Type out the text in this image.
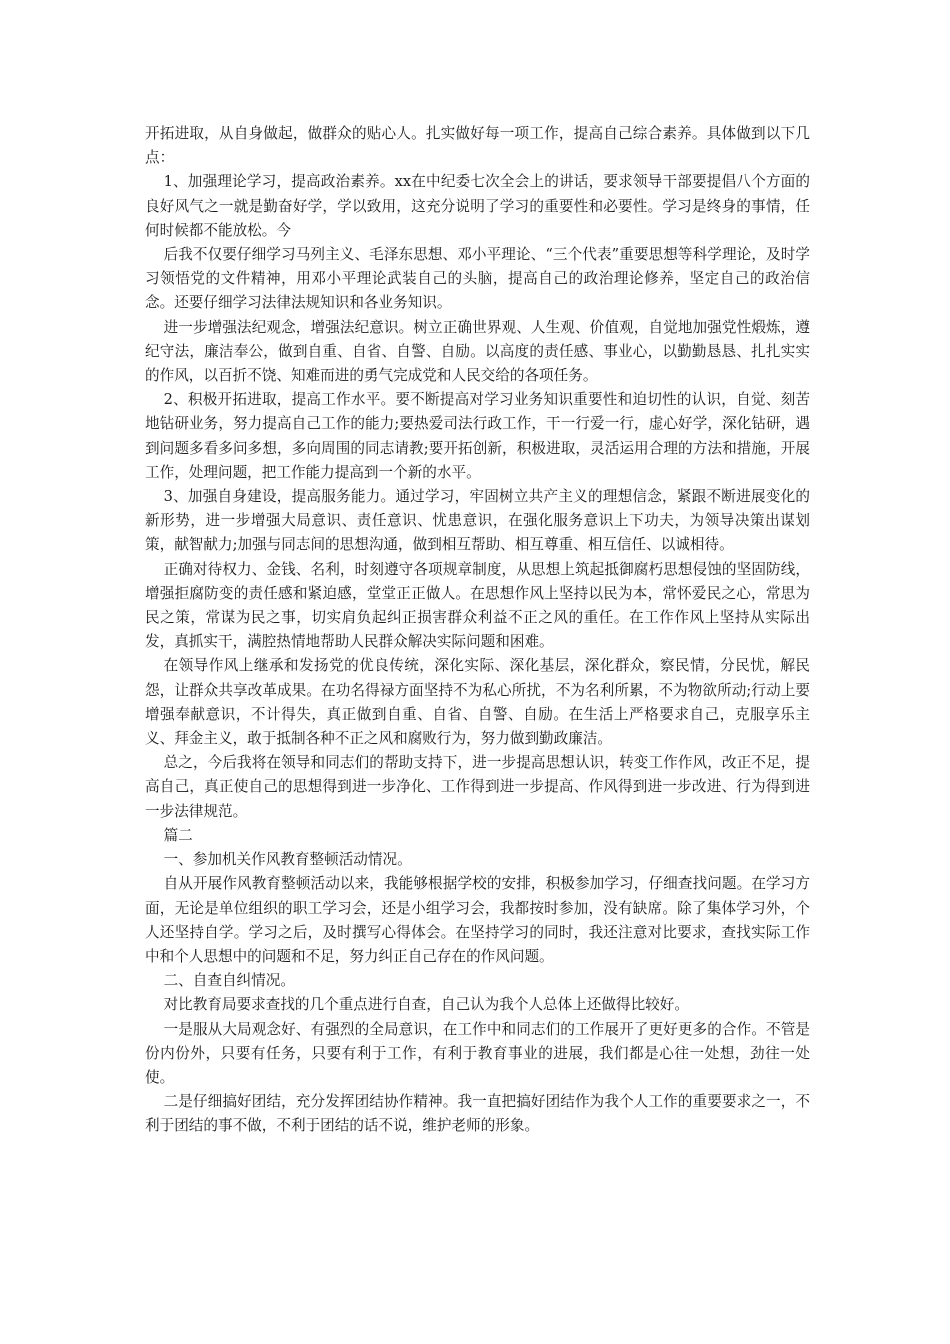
开拓进取，从自身做起，做群众的贴心人。扎实做好每一项工作，提高自己综合素养。具体做到以下几点：

1、加强理论学习，提高政治素养。xx在中纪委七次全会上的讲话，要求领导干部要提倡八个方面的良好风气之一就是勤奋好学，学以致用，这充分说明了学习的重要性和必要性。学习是终身的事情，任何时候都不能放松。今

后我不仅要仔细学习马列主义、毛泽东思想、邓小平理论、“三个代表”重要思想等科学理论，及时学习领悟党的文件精神，用邓小平理论武装自己的头脑，提高自己的政治理论修养，坚定自己的政治信念。还要仔细学习法律法规知识和各业务知识。

进一步增强法纪观念，增强法纪意识。树立正确世界观、人生观、价值观，自觉地加强党性煅炼，遵纪守法，廉洁奉公，做到自重、自省、自警、自励。以高度的责任感、事业心，以勤勤恳恳、扎扎实实的作风，以百折不饶、知难而进的勇气完成党和人民交给的各项任务。

2、积极开拓进取，提高工作水平。要不断提高对学习业务知识重要性和迫切性的认识，自觉、刻苦地钻研业务，努力提高自己工作的能力;要热爱司法行政工作，干一行爱一行，虚心好学，深化钻研，遇到问题多看多问多想，多向周围的同志请教;要开拓创新，积极进取，灵活运用合理的方法和措施，开展工作，处理问题，把工作能力提高到一个新的水平。

3、加强自身建设，提高服务能力。通过学习，牢固树立共产主义的理想信念，紧跟不断进展变化的新形势，进一步增强大局意识、责任意识、忧患意识，在强化服务意识上下功夫，为领导决策出谋划策，献智献力;加强与同志间的思想沟通，做到相互帮助、相互尊重、相互信任、以诚相待。

正确对待权力、金钱、名利，时刻遵守各项规章制度，从思想上筑起抵御腐朽思想侵蚀的坚固防线，增强拒腐防变的责任感和紧迫感，堂堂正正做人。在思想作风上坚持以民为本，常怀爱民之心，常思为民之策，常谋为民之事，切实肩负起纠正损害群众利益不正之风的重任。在工作作风上坚持从实际出发，真抓实干，满腔热情地帮助人民群众解决实际问题和困难。

在领导作风上继承和发扬党的优良传统，深化实际、深化基层，深化群众，察民情，分民忧，解民怨，让群众共享改革成果。在功名得禄方面坚持不为私心所扰，不为名利所累，不为物欲所动;行动上要增强奉献意识，不计得失，真正做到自重、自省、自警、自励。在生活上严格要求自己，克服享乐主义、拜金主义，敢于抵制各种不正之风和腐败行为，努力做到勤政廉洁。

总之，今后我将在领导和同志们的帮助支持下，进一步提高思想认识，转变工作作风，改正不足，提高自己，真正使自己的思想得到进一步净化、工作得到进一步提高、作风得到进一步改进、行为得到进一步法律规范。

篇二

一、参加机关作风教育整顿活动情况。

自从开展作风教育整顿活动以来，我能够根据学校的安排，积极参加学习，仔细查找问题。在学习方面，无论是单位组织的职工学习会，还是小组学习会，我都按时参加，没有缺席。除了集体学习外，个人还坚持自学。学习之后，及时撰写心得体会。在坚持学习的同时，我还注意对比要求，查找实际工作中和个人思想中的问题和不足，努力纠正自己存在的作风问题。

二、自查自纠情况。

对比教育局要求查找的几个重点进行自查，自己认为我个人总体上还做得比较好。

一是服从大局观念好、有强烈的全局意识，在工作中和同志们的工作展开了更好更多的合作。不管是份内份外，只要有任务，只要有利于工作，有利于教育事业的进展，我们都是心往一处想，劲往一处使。

二是仔细搞好团结，充分发挥团结协作精神。我一直把搞好团结作为我个人工作的重要要求之一，不利于团结的事不做，不利于团结的话不说，维护老师的形象。
